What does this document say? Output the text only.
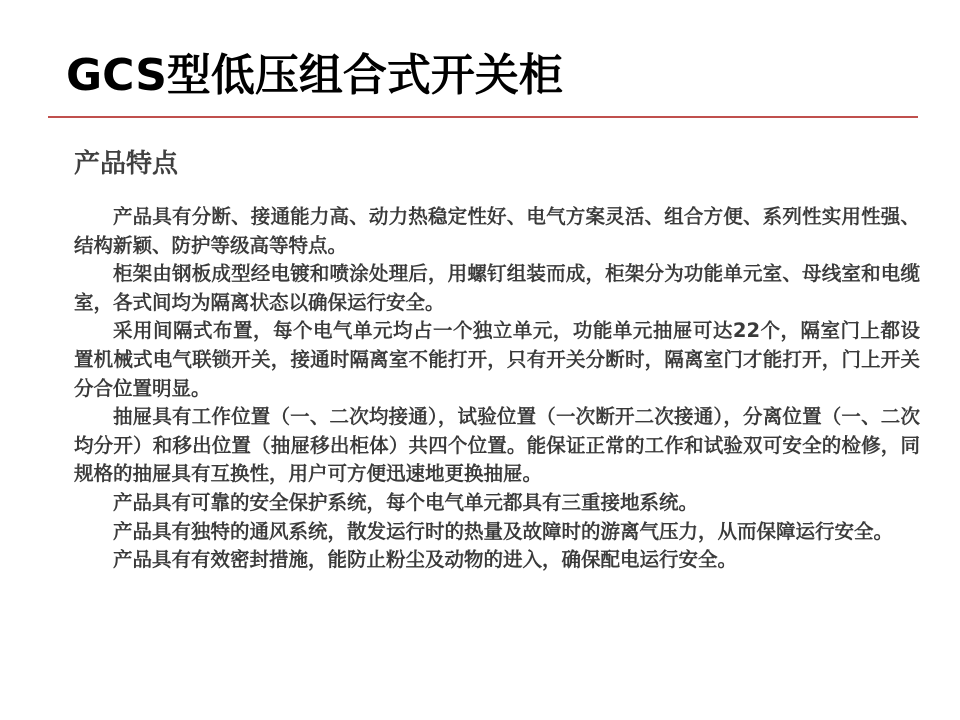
GCS型低压组合式开关柜
产品特点

产品具有分断、接通能力高、动力热稳定性好、电气方案灵活、组合方便、系列性实用性强、结构新颖、防护等级高等特点。

柜架由钢板成型经电镀和喷涂处理后，用螺钉组装而成，柜架分为功能单元室、母线室和电缆室，各式间均为隔离状态以确保运行安全。

采用间隔式布置，每个电气单元均占一个独立单元，功能单元抽屉可达22个，隔室门上都设置机械式电气联锁开关，接通时隔离室不能打开，只有开关分断时，隔离室门才能打开，门上开关分合位置明显。

抽屉具有工作位置（一、二次均接通），试验位置（一次断开二次接通），分离位置（一、二次均分开）和移出位置（抽屉移出柜体）共四个位置。能保证正常的工作和试验双可安全的检修，同规格的抽屉具有互换性，用户可方便迅速地更换抽屉。

产品具有可靠的安全保护系统，每个电气单元都具有三重接地系统。

产品具有独特的通风系统，散发运行时的热量及故障时的游离气压力，从而保障运行安全。

产品具有有效密封措施，能防止粉尘及动物的进入，确保配电运行安全。
